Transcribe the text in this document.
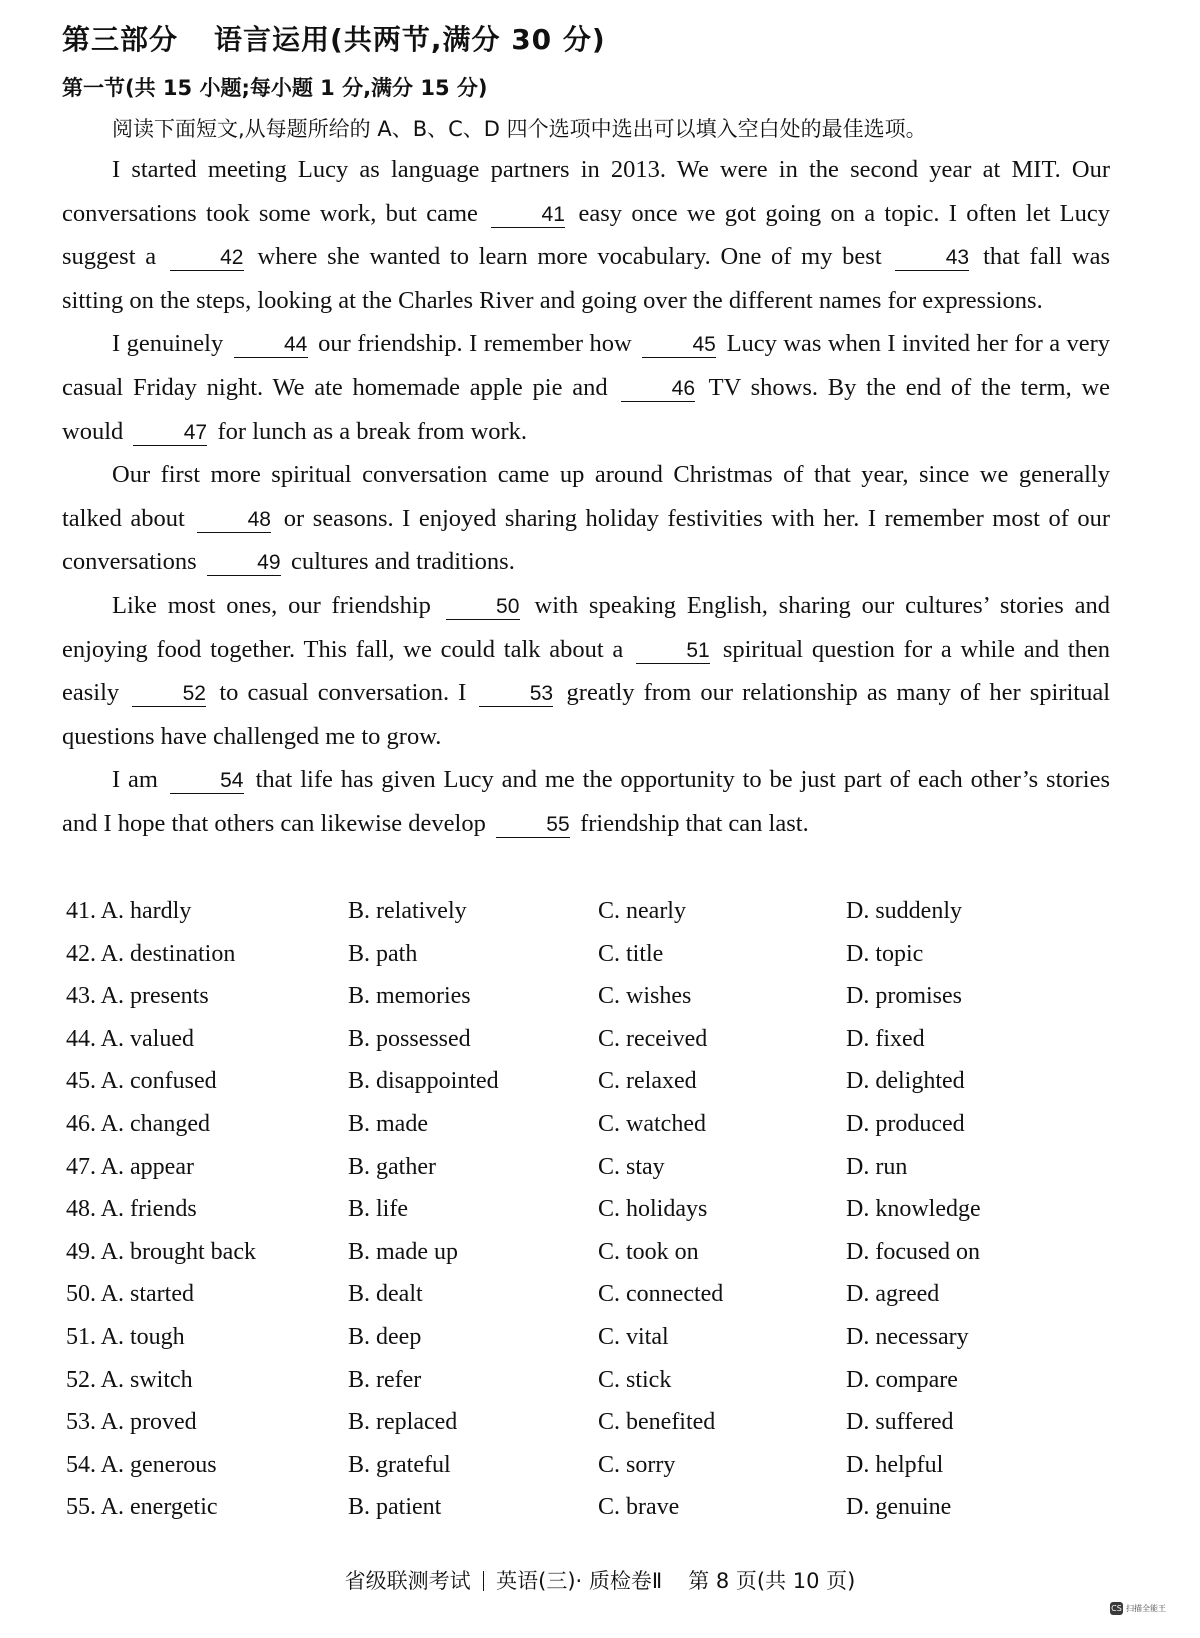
第三部分 语言运用(共两节,满分 30 分)
第一节(共 15 小题;每小题 1 分,满分 15 分)
阅读下面短文,从每题所给的 A、B、C、D 四个选项中选出可以填入空白处的最佳选项。

I started meeting Lucy as language partners in 2013. We were in the second year at MIT. Our conversations took some work, but came	41 easy once we got going on a topic. I often let Lucy suggest a	42 where she wanted to learn more vocabulary. One of my best	43 that fall was sitting on the steps, looking at the Charles River and going over the different names for expressions.

I genuinely	44 our friendship. I remember how	45 Lucy was when I invited her for a very casual Friday night. We ate homemade apple pie and	46 TV shows. By the end of the term, we would	47 for lunch as a break from work.

Our first more spiritual conversation came up around Christmas of that year, since we generally talked about	48 or seasons. I enjoyed sharing holiday festivities with her. I remember most of our conversations	49 cultures and traditions.

Like most ones, our friendship	50 with speaking English, sharing our cultures’ stories and enjoying food together. This fall, we could talk about a	51 spiritual question for a while and then easily	52 to casual conversation. I	53 greatly from our relationship as many of her spiritual questions have challenged me to grow.

I am	54 that life has given Lucy and me the opportunity to be just part of each other’s stories and I hope that others can likewise develop	55 friendship that can last.

41. A. hardly	B. relatively	C. nearly	D. suddenly
42. A. destination	B. path	C. title	D. topic
43. A. presents	B. memories	C. wishes	D. promises
44. A. valued	B. possessed	C. received	D. fixed
45. A. confused	B. disappointed	C. relaxed	D. delighted
46. A. changed	B. made	C. watched	D. produced
47. A. appear	B. gather	C. stay	D. run
48. A. friends	B. life	C. holidays	D. knowledge
49. A. brought back	B. made up	C. took on	D. focused on
50. A. started	B. dealt	C. connected	D. agreed
51. A. tough	B. deep	C. vital	D. necessary
52. A. switch	B. refer	C. stick	D. compare
53. A. proved	B. replaced	C. benefited	D. suffered
54. A. generous	B. grateful	C. sorry	D. helpful
55. A. energetic	B. patient	C. brave	D. genuine
省级联测考试 英语(三)· 质检卷Ⅱ 第 8 页(共 10 页)
CS 扫描全能王
